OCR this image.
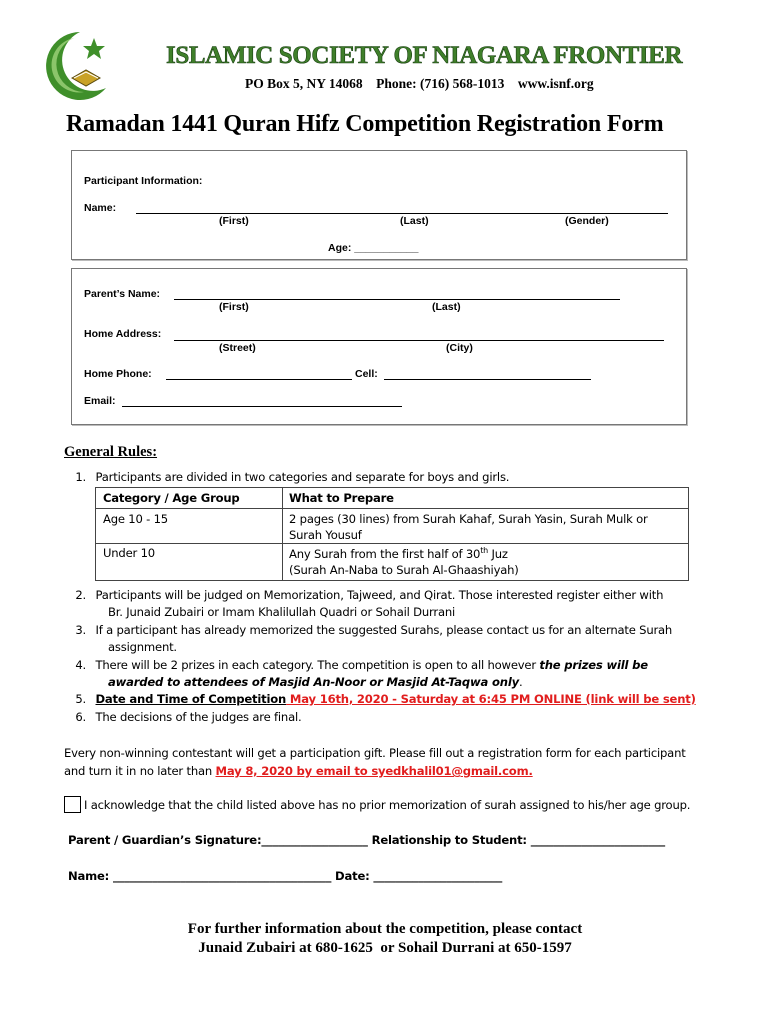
ISLAMIC SOCIETY OF NIAGARA FRONTIER
PO Box 5, NY 14068    Phone: (716) 568-1013    www.isnf.org
Ramadan 1441 Quran Hifz Competition Registration Form
Participant Information:
Name:
(First)	(Last)	(Gender)
Age: ___________
Parent’s Name:
(First)	(Last)
Home Address:
(Street)	(City)
Home Phone:	Cell:
Email:
General Rules:
1. Participants are divided in two categories and separate for boys and girls.
Category / Age Group	What to Prepare
Age 10 - 15	2 pages (30 lines) from Surah Kahaf, Surah Yasin, Surah Mulk or
Surah Yousuf
Under 10	Any Surah from the first half of 30th Juz
(Surah An-Naba to Surah Al-Ghaashiyah)
2. Participants will be judged on Memorization, Tajweed, and Qirat. Those interested register either with
Br. Junaid Zubairi or Imam Khalilullah Quadri or Sohail Durrani
3. If a participant has already memorized the suggested Surahs, please contact us for an alternate Surah
assignment.
4. There will be 2 prizes in each category. The competition is open to all however the prizes will be
awarded to attendees of Masjid An-Noor or Masjid At-Taqwa only.
5. Date and Time of Competition May 16th, 2020 - Saturday at 6:45 PM ONLINE (link will be sent)
6. The decisions of the judges are final.
Every non-winning contestant will get a participation gift. Please fill out a registration form for each participant
and turn it in no later than May 8, 2020 by email to syedkhalil01@gmail.com.
I acknowledge that the child listed above has no prior memorization of surah assigned to his/her age group.
Parent / Guardian’s Signature:___________________ Relationship to Student: ________________________
Name: _______________________________________ Date: _______________________
For further information about the competition, please contact
Junaid Zubairi at 680-1625  or Sohail Durrani at 650-1597
